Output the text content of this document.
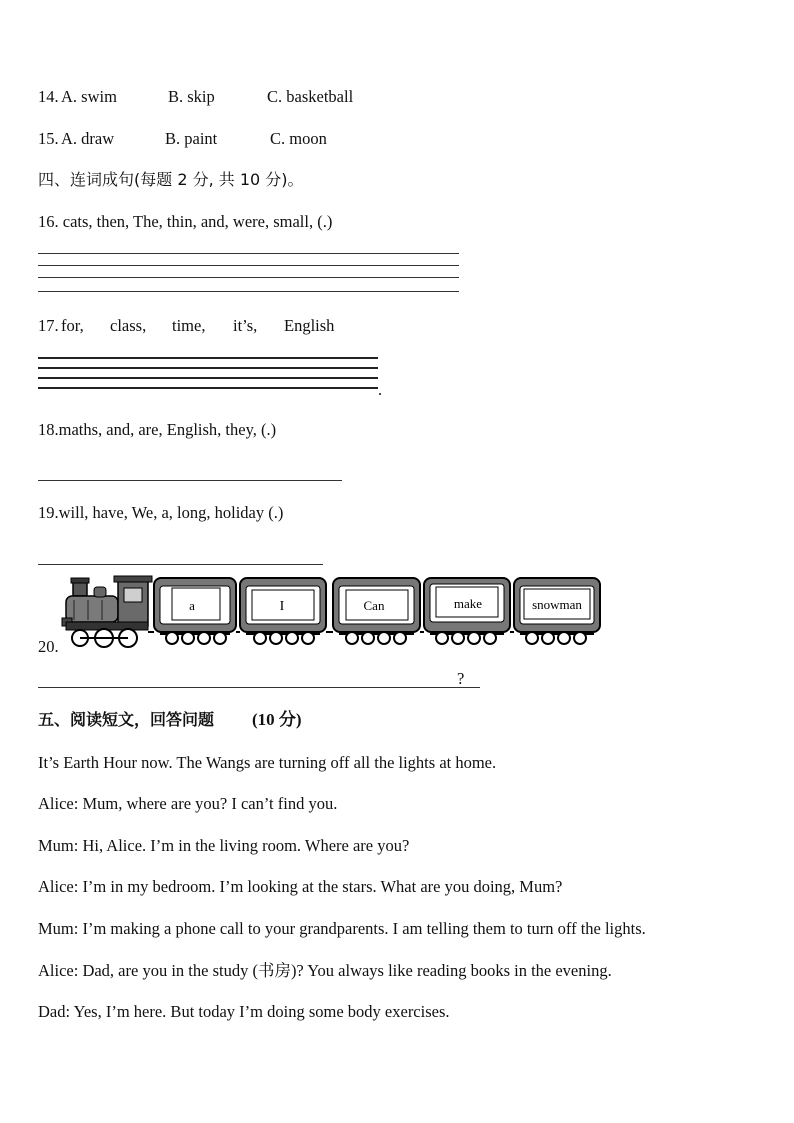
14. A. swim	B. skip	C. basketball
15. A. draw	B. paint	C. moon
四、连词成句(每题 2 分, 共 10 分)。
16. cats, then, The, thin, and, were, small, (.)
17. for, class, time, it’s, English
.
18.maths, and, are, English, they, (.)
19.will, have, We, a, long, holiday (.)
20.
a	I	Can	make	snowman
?
五、阅读短文，回答问题 (10 分)
It’s Earth Hour now. The Wangs are turning off all the lights at home.
Alice: Mum, where are you? I can’t find you.
Mum: Hi, Alice. I’m in the living room. Where are you?
Alice: I’m in my bedroom. I’m looking at the stars. What are you doing, Mum?
Mum: I’m making a phone call to your grandparents. I am telling them to turn off the lights.
Alice: Dad, are you in the study (书房)? You always like reading books in the evening.
Dad: Yes, I’m here. But today I’m doing some body exercises.
